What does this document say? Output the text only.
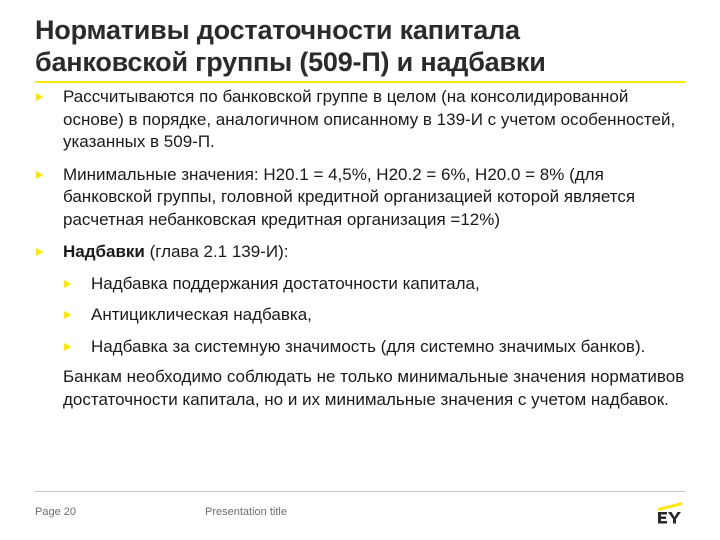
Нормативы достаточности капитала
банковской группы (509-П) и надбавки
Рассчитываются по банковской группе в целом (на консолидированной основе) в порядке, аналогичном описанному в 139-И с учетом особенностей, указанных в 509-П.
Минимальные значения: Н20.1 = 4,5%, Н20.2 = 6%, Н20.0 = 8% (для банковской группы, головной кредитной организацией которой является расчетная небанковская кредитная организация =12%)
Надбавки (глава 2.1 139-И):
Надбавка поддержания достаточности капитала,
Антициклическая надбавка,
Надбавка за системную значимость (для системно значимых банков).

Банкам необходимо соблюдать не только минимальные значения нормативов достаточности капитала, но и их минимальные значения с учетом надбавок.

Page 20	Presentation title
